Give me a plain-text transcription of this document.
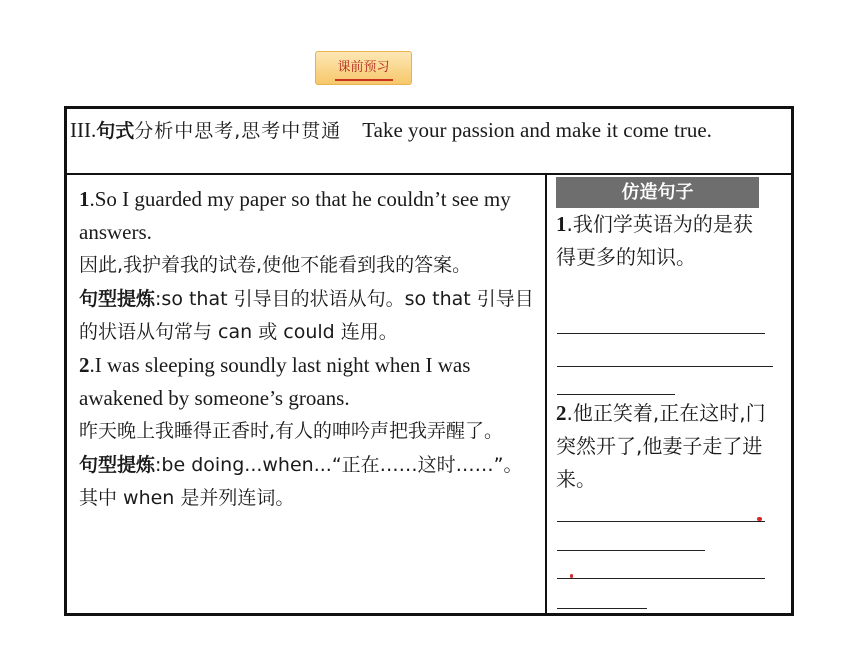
课前预习
III.句式分析中思考,思考中贯通 Take your passion and make it come true.
1.So I guarded my paper so that he couldn’t see my answers.
因此,我护着我的试卷,使他不能看到我的答案。
句型提炼:so that 引导目的状语从句。so that 引导目的状语从句常与 can 或 could 连用。
2.I was sleeping soundly last night when I was awakened by someone’s groans.
昨天晚上我睡得正香时,有人的呻吟声把我弄醒了。
句型提炼:be doing...when...“正在……这时……”。其中 when 是并列连词。
仿造句子
1.我们学英语为的是获得更多的知识。
2.他正笑着,正在这时,门突然开了,他妻子走了进来。
